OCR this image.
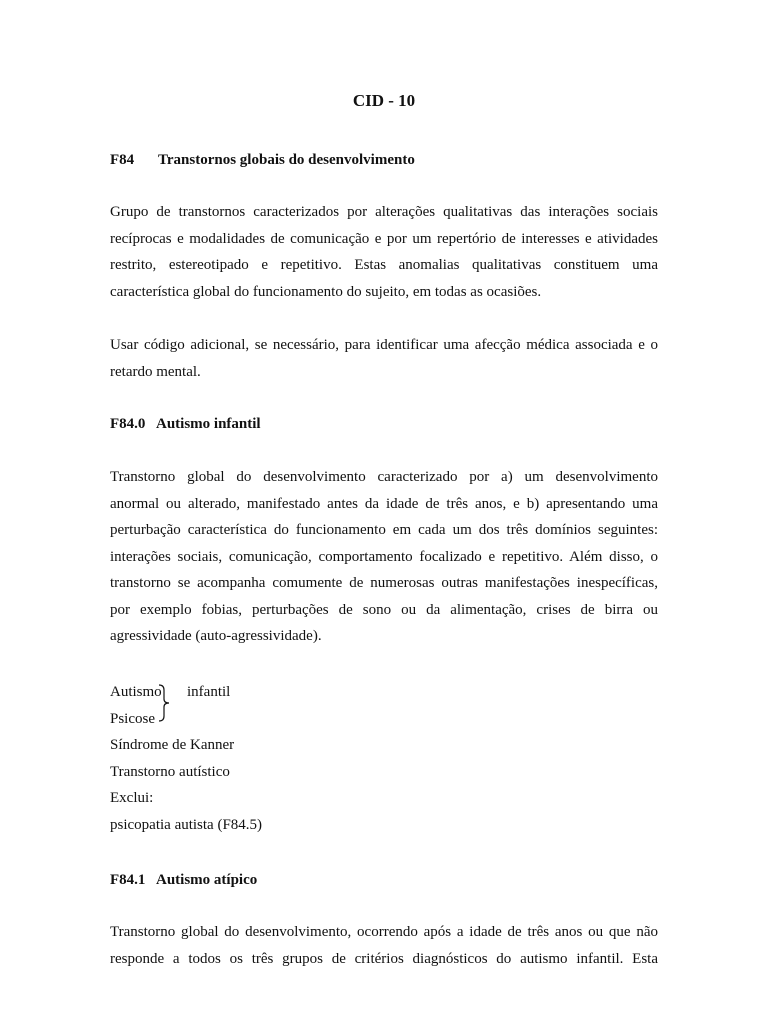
CID - 10
F84 Transtornos globais do desenvolvimento
Grupo de transtornos caracterizados por alterações qualitativas das interações sociais
recíprocas e modalidades de comunicação e por um repertório de interesses e atividades
restrito, estereotipado e repetitivo. Estas anomalias qualitativas constituem uma
característica global do funcionamento do sujeito, em todas as ocasiões.
Usar código adicional, se necessário, para identificar uma afecção médica associada e o
retardo mental.
F84.0 Autismo infantil
Transtorno global do desenvolvimento caracterizado por a) um desenvolvimento
anormal ou alterado, manifestado antes da idade de três anos, e b) apresentando uma
perturbação característica do funcionamento em cada um dos três domínios seguintes:
interações sociais, comunicação, comportamento focalizado e repetitivo. Além disso, o
transtorno se acompanha comumente de numerosas outras manifestações inespecíficas,
por exemplo fobias, perturbações de sono ou da alimentação, crises de birra ou
agressividade (auto-agressividade).
Autismo infantil
Psicose
Síndrome de Kanner
Transtorno autístico
Exclui:
psicopatia autista (F84.5)
F84.1 Autismo atípico
Transtorno global do desenvolvimento, ocorrendo após a idade de três anos ou que não
responde a todos os três grupos de critérios diagnósticos do autismo infantil. Esta
